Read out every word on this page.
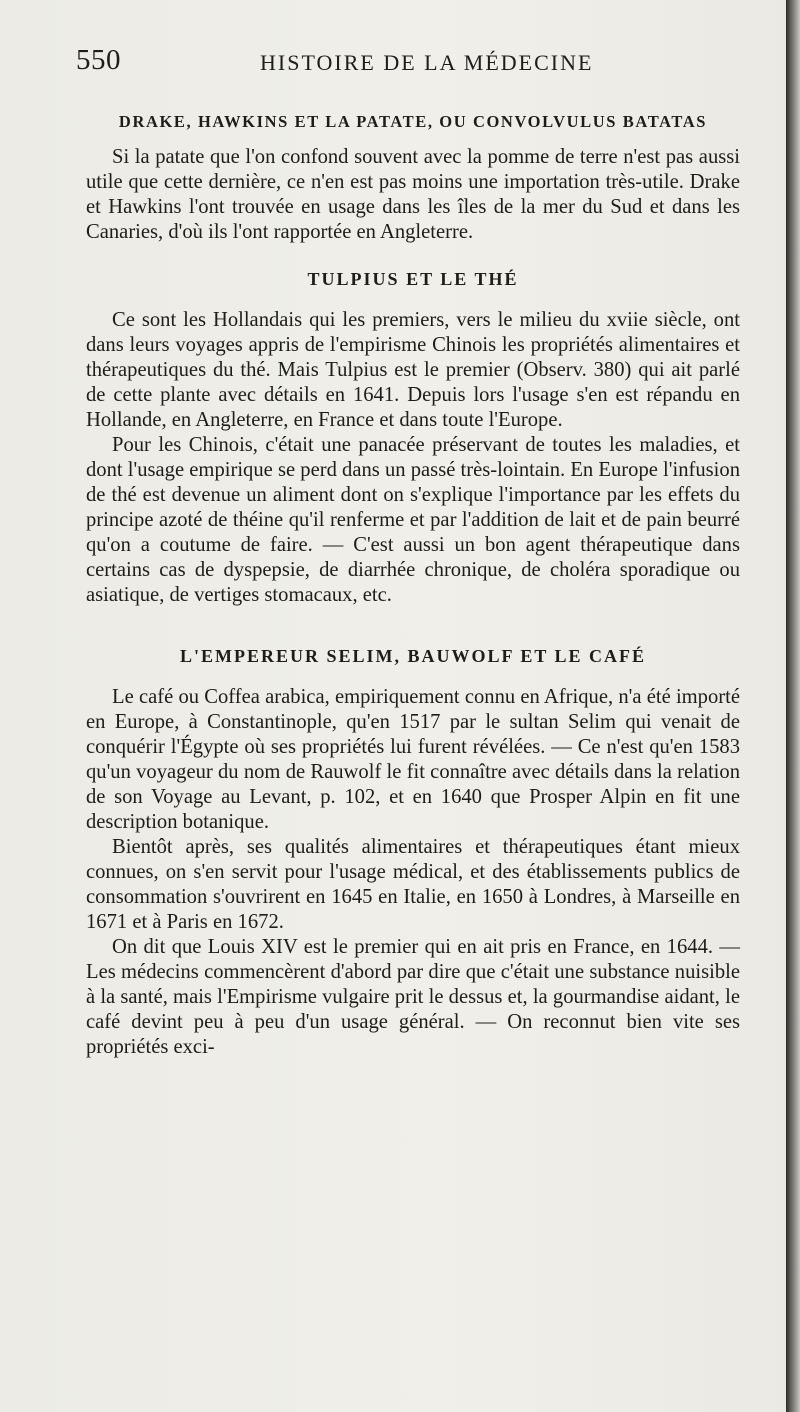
550	HISTOIRE DE LA MÉDECINE
DRAKE, HAWKINS ET LA PATATE, OU CONVOLVULUS BATATAS

Si la patate que l'on confond souvent avec la pomme de terre n'est pas aussi utile que cette dernière, ce n'en est pas moins une importation très-utile. Drake et Hawkins l'ont trouvée en usage dans les îles de la mer du Sud et dans les Canaries, d'où ils l'ont rapportée en Angleterre.

TULPIUS ET LE THÉ

Ce sont les Hollandais qui les premiers, vers le milieu du xviie siècle, ont dans leurs voyages appris de l'empirisme Chinois les propriétés alimentaires et thérapeutiques du thé. Mais Tulpius est le premier (Observ. 380) qui ait parlé de cette plante avec détails en 1641. Depuis lors l'usage s'en est répandu en Hollande, en Angleterre, en France et dans toute l'Europe.

Pour les Chinois, c'était une panacée préservant de toutes les maladies, et dont l'usage empirique se perd dans un passé très-lointain. En Europe l'infusion de thé est devenue un aliment dont on s'explique l'importance par les effets du principe azoté de théine qu'il renferme et par l'addition de lait et de pain beurré qu'on a coutume de faire. — C'est aussi un bon agent thérapeutique dans certains cas de dyspepsie, de diarrhée chronique, de choléra sporadique ou asiatique, de vertiges stomacaux, etc.

L'EMPEREUR SELIM, BAUWOLF ET LE CAFÉ

Le café ou Coffea arabica, empiriquement connu en Afrique, n'a été importé en Europe, à Constantinople, qu'en 1517 par le sultan Selim qui venait de conquérir l'Égypte où ses propriétés lui furent révélées. — Ce n'est qu'en 1583 qu'un voyageur du nom de Rauwolf le fit connaître avec détails dans la relation de son Voyage au Levant, p. 102, et en 1640 que Prosper Alpin en fit une description botanique.

Bientôt après, ses qualités alimentaires et thérapeutiques étant mieux connues, on s'en servit pour l'usage médical, et des établissements publics de consommation s'ouvrirent en 1645 en Italie, en 1650 à Londres, à Marseille en 1671 et à Paris en 1672.

On dit que Louis XIV est le premier qui en ait pris en France, en 1644. — Les médecins commencèrent d'abord par dire que c'était une substance nuisible à la santé, mais l'Empirisme vulgaire prit le dessus et, la gourmandise aidant, le café devint peu à peu d'un usage général. — On reconnut bien vite ses propriétés exci-
